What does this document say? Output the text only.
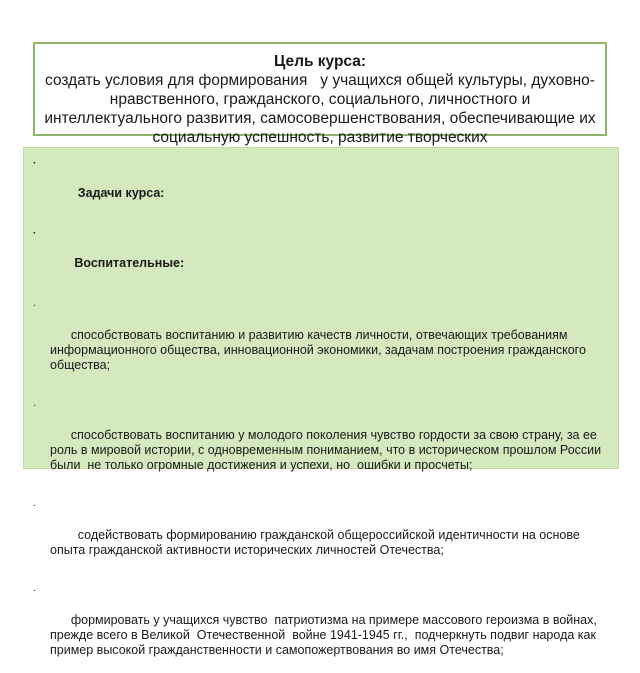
Цель курса:
создать условия для формирования   у учащихся общей культуры, духовно-нравственного, гражданского, социального, личностного и интеллектуального развития, самосовершенствования, обеспечивающие их социальную успешность, развитие творческих

·

Задачи курса:

·

Воспитательные:

·

способствовать воспитанию и развитию качеств личности, отвечающих требованиям информационного общества, инновационной экономики, задачам построения гражданского общества;

·

способствовать воспитанию у молодого поколения чувство гордости за свою страну, за ее роль в мировой истории, с одновременным пониманием, что в историческом прошлом России были  не только огромные достижения и успехи, но  ошибки и просчеты;

·

содействовать формированию гражданской общероссийской идентичности на основе    опыта гражданской активности исторических личностей Отечества;

·

формировать у учащихся чувство  патриотизма на примере массового героизма в войнах, прежде всего в Великой  Отечественной  войне 1941-1945 гг.,  подчеркнуть подвиг народа как пример высокой гражданственности и самопожертвования во имя Отечества;
